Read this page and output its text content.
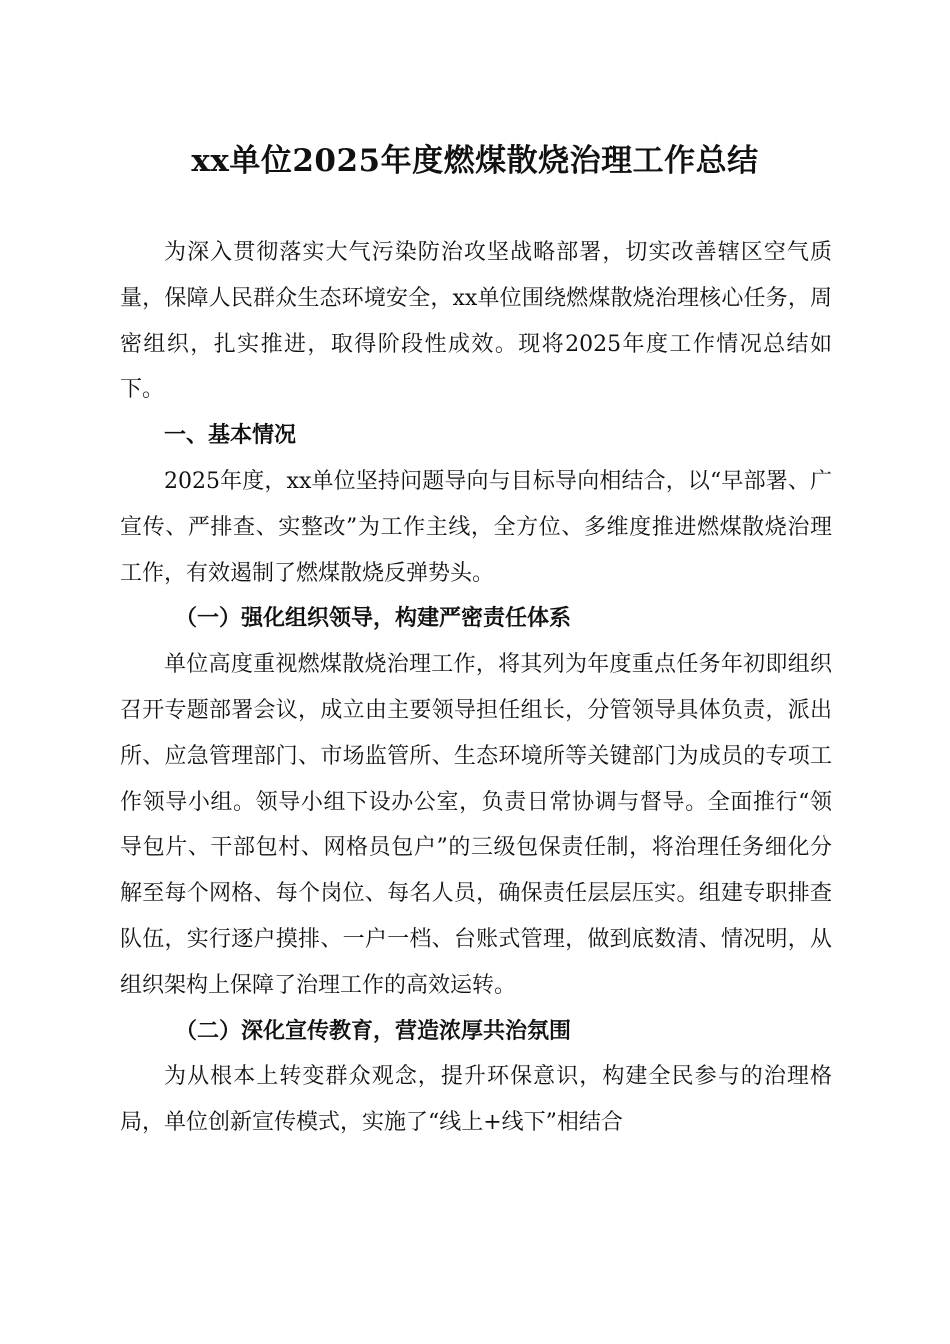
xx单位2025年度燃煤散烧治理工作总结

为深入贯彻落实大气污染防治攻坚战略部署，切实改善辖区空气质量，保障人民群众生态环境安全，xx单位围绕燃煤散烧治理核心任务，周密组织，扎实推进，取得阶段性成效。现将2025年度工作情况总结如下。

一、基本情况

2025年度，xx单位坚持问题导向与目标导向相结合，以“早部署、广宣传、严排查、实整改”为工作主线，全方位、多维度推进燃煤散烧治理工作，有效遏制了燃煤散烧反弹势头。

（一）强化组织领导，构建严密责任体系

单位高度重视燃煤散烧治理工作，将其列为年度重点任务年初即组织召开专题部署会议，成立由主要领导担任组长，分管领导具体负责，派出所、应急管理部门、市场监管所、生态环境所等关键部门为成员的专项工作领导小组。领导小组下设办公室，负责日常协调与督导。全面推行“领导包片、干部包村、网格员包户”的三级包保责任制，将治理任务细化分解至每个网格、每个岗位、每名人员，确保责任层层压实。组建专职排查队伍，实行逐户摸排、一户一档、台账式管理，做到底数清、情况明，从组织架构上保障了治理工作的高效运转。

（二）深化宣传教育，营造浓厚共治氛围

为从根本上转变群众观念，提升环保意识，构建全民参与的治理格局，单位创新宣传模式，实施了“线上+线下”相结合
